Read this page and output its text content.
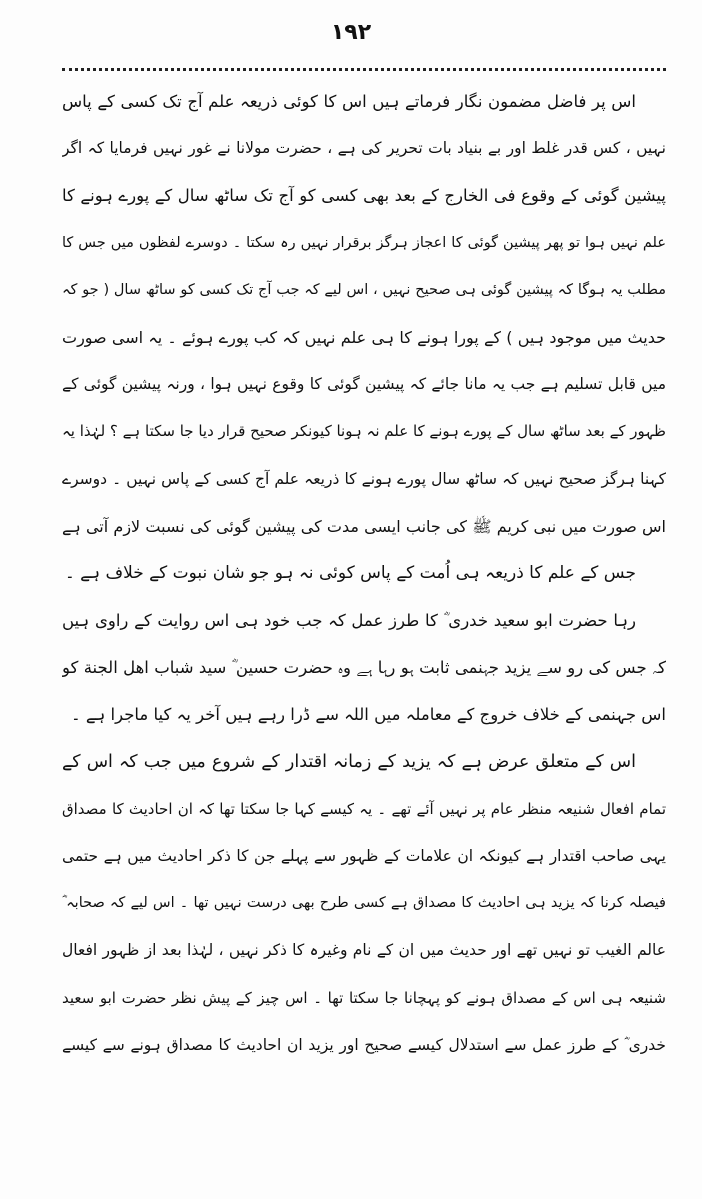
۱۹۲
اس پر فاضل مضمون نگار فرماتے ہیں اس کا کوئی ذریعہ علم آج تک کسی کے پاس
نہیں ، کس قدر غلط اور بے بنیاد بات تحریر کی ہے ، حضرت مولانا نے غور نہیں فرمایا کہ اگر
پیشین گوئی کے وقوع فی الخارج کے بعد بھی کسی کو آج تک ساٹھ سال کے پورے ہونے کا
علم نہیں ہوا تو پھر پیشین گوئی کا اعجاز ہرگز برقرار نہیں رہ سکتا ۔ دوسرے لفظوں میں جس کا
مطلب یہ ہوگا کہ پیشین گوئی ہی صحیح نہیں ، اس لیے کہ جب آج تک کسی کو ساٹھ سال ( جو کہ
حدیث میں موجود ہیں ) کے پورا ہونے کا ہی علم نہیں کہ کب پورے ہوئے ۔ یہ اسی صورت
میں قابل تسلیم ہے جب یہ مانا جائے کہ پیشین گوئی کا وقوع نہیں ہوا ، ورنہ پیشین گوئی کے
ظہور کے بعد ساٹھ سال کے پورے ہونے کا علم نہ ہونا کیونکر صحیح قرار دیا جا سکتا ہے ؟ لہٰذا یہ
کہنا ہرگز صحیح نہیں کہ ساٹھ سال پورے ہونے کا ذریعہ علم آج کسی کے پاس نہیں ۔ دوسرے
اس صورت میں نبی کریم ﷺ کی جانب ایسی مدت کی پیشین گوئی کی نسبت لازم آتی ہے
جس کے علم کا ذریعہ ہی اُمت کے پاس کوئی نہ ہو جو شان نبوت کے خلاف ہے ۔
رہا حضرت ابو سعید خدری ؓ کا طرز عمل کہ جب خود ہی اس روایت کے راوی ہیں
کہ جس کی رو سے یزید جہنمی ثابت ہو رہا ہے وہ حضرت حسین ؓ سید شباب اهل الجنة کو
اس جہنمی کے خلاف خروج کے معاملہ میں اللہ سے ڈرا رہے ہیں آخر یہ کیا ماجرا ہے ۔
اس کے متعلق عرض ہے کہ یزید کے زمانہ اقتدار کے شروع میں جب کہ اس کے
تمام افعال شنیعہ منظر عام پر نہیں آئے تھے ۔ یہ کیسے کہا جا سکتا تھا کہ ان احادیث کا مصداق
یہی صاحب اقتدار ہے کیونکہ ان علامات کے ظہور سے پہلے جن کا ذکر احادیث میں ہے حتمی
فیصلہ کرنا کہ یزید ہی احادیث کا مصداق ہے کسی طرح بھی درست نہیں تھا ۔ اس لیے کہ صحابہ ؓ
عالم الغیب تو نہیں تھے اور حدیث میں ان کے نام وغیرہ کا ذکر نہیں ، لہٰذا بعد از ظہور افعال
شنیعہ ہی اس کے مصداق ہونے کو پہچانا جا سکتا تھا ۔ اس چیز کے پیش نظر حضرت ابو سعید
خدری ؓ کے طرز عمل سے استدلال کیسے صحیح اور یزید ان احادیث کا مصداق ہونے سے کیسے
